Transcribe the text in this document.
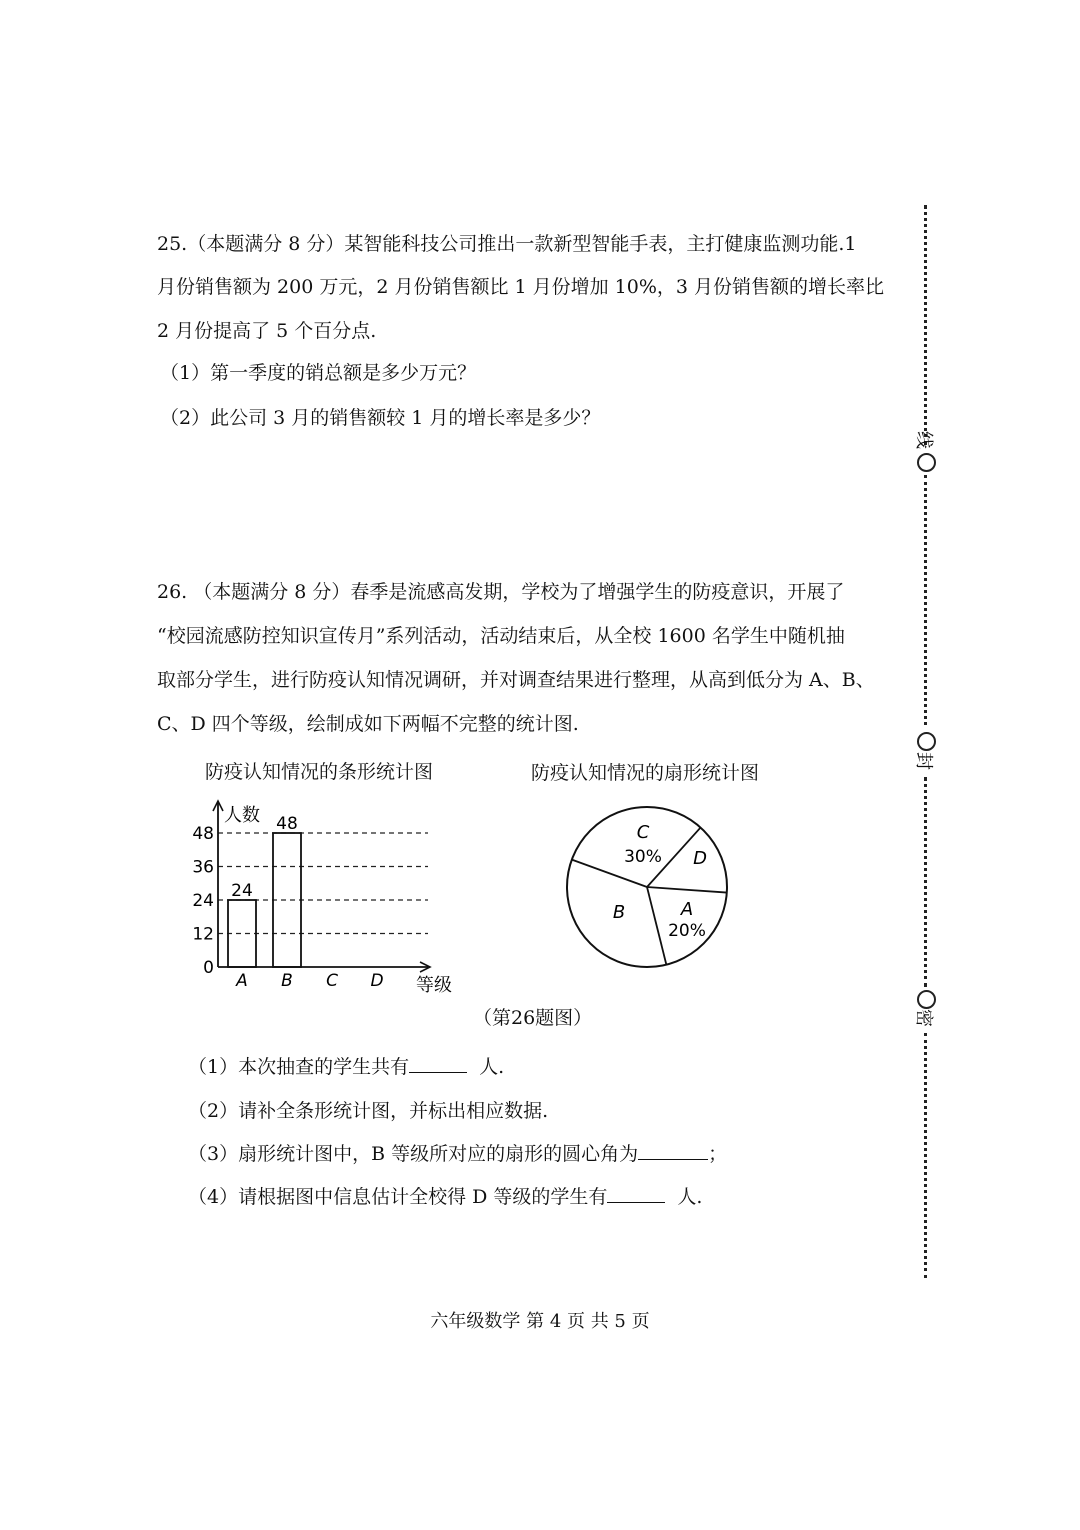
25.（本题满分 8 分）某智能科技公司推出一款新型智能手表，主打健康监测功能.1

月份销售额为 200 万元，2 月份销售额比 1 月份增加 10%，3 月份销售额的增长率比

2 月份提高了 5 个百分点.

（1）第一季度的销总额是多少万元？

（2）此公司 3 月的销售额较 1 月的增长率是多少？

26. （本题满分 8 分）春季是流感高发期，学校为了增强学生的防疫意识，开展了

“校园流感防控知识宣传月”系列活动，活动结束后，从全校 1600 名学生中随机抽

取部分学生，进行防疫认知情况调研，并对调查结果进行整理，从高到低分为 A、B、

C、D 四个等级，绘制成如下两幅不完整的统计图.

防疫认知情况的条形统计图	防疫认知情况的扇形统计图
0
12
24
36
48
24
A
48
B C D
人数
等级
A
20%
B
C
30% D
（第26题图）

（1）本次抽查的学生共有	人.

（2）请补全条形统计图，并标出相应数据.

（3）扇形统计图中，B 等级所对应的扇形的圆心角为	；

（4）请根据图中信息估计全校得 D 等级的学生有	人.

线
封
密
六年级数学 第 4 页 共 5 页
